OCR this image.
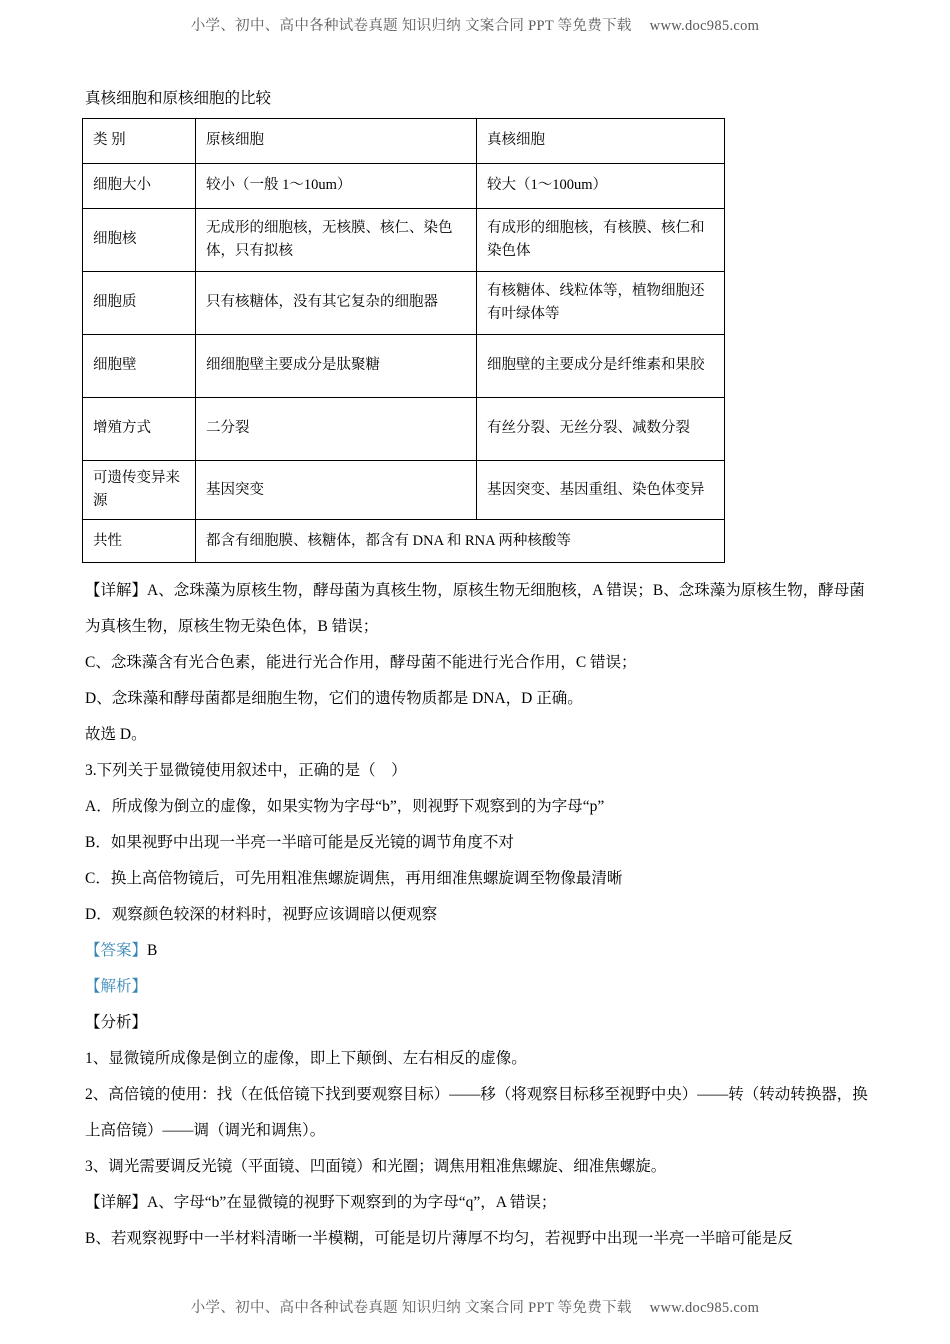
小学、初中、高中各种试卷真题 知识归纳 文案合同 PPT 等免费下载 www.doc985.com

真核细胞和原核细胞的比较

类 别	原核细胞	真核细胞
细胞大小	较小（一般 1～10um）	较大（1～100um）
细胞核	无成形的细胞核，无核膜、核仁、染色体，只有拟核	有成形的细胞核，有核膜、核仁和染色体
细胞质	只有核糖体，没有其它复杂的细胞器	有核糖体、线粒体等，植物细胞还有叶绿体等
细胞壁	细细胞壁主要成分是肽聚糖	细胞壁的主要成分是纤维素和果胶
增殖方式	二分裂	有丝分裂、无丝分裂、减数分裂
可遗传变异来源	基因突变	基因突变、基因重组、染色体变异
共性	都含有细胞膜、核糖体，都含有 DNA 和 RNA 两种核酸等	

【详解】A、念珠藻为原核生物，酵母菌为真核生物，原核生物无细胞核，A 错误；B、念珠藻为原核生物，酵母菌为真核生物，原核生物无染色体，B 错误；

C、念珠藻含有光合色素，能进行光合作用，酵母菌不能进行光合作用，C 错误；

D、念珠藻和酵母菌都是细胞生物，它们的遗传物质都是 DNA，D 正确。

故选 D。

3.下列关于显微镜使用叙述中，正确的是（　）

A．所成像为倒立的虚像，如果实物为字母“b”，则视野下观察到的为字母“p”

B．如果视野中出现一半亮一半暗可能是反光镜的调节角度不对

C．换上高倍物镜后，可先用粗准焦螺旋调焦，再用细准焦螺旋调至物像最清晰

D．观察颜色较深的材料时，视野应该调暗以便观察

【答案】B

【解析】

【分析】

1、显微镜所成像是倒立的虚像，即上下颠倒、左右相反的虚像。

2、高倍镜的使用：找（在低倍镜下找到要观察目标）——移（将观察目标移至视野中央）——转（转动转换器，换上高倍镜）——调（调光和调焦）。

3、调光需要调反光镜（平面镜、凹面镜）和光圈；调焦用粗准焦螺旋、细准焦螺旋。

【详解】A、字母“b”在显微镜的视野下观察到的为字母“q”，A 错误；

B、若观察视野中一半材料清晰一半模糊，可能是切片薄厚不均匀，若视野中出现一半亮一半暗可能是反

小学、初中、高中各种试卷真题 知识归纳 文案合同 PPT 等免费下载 www.doc985.com
